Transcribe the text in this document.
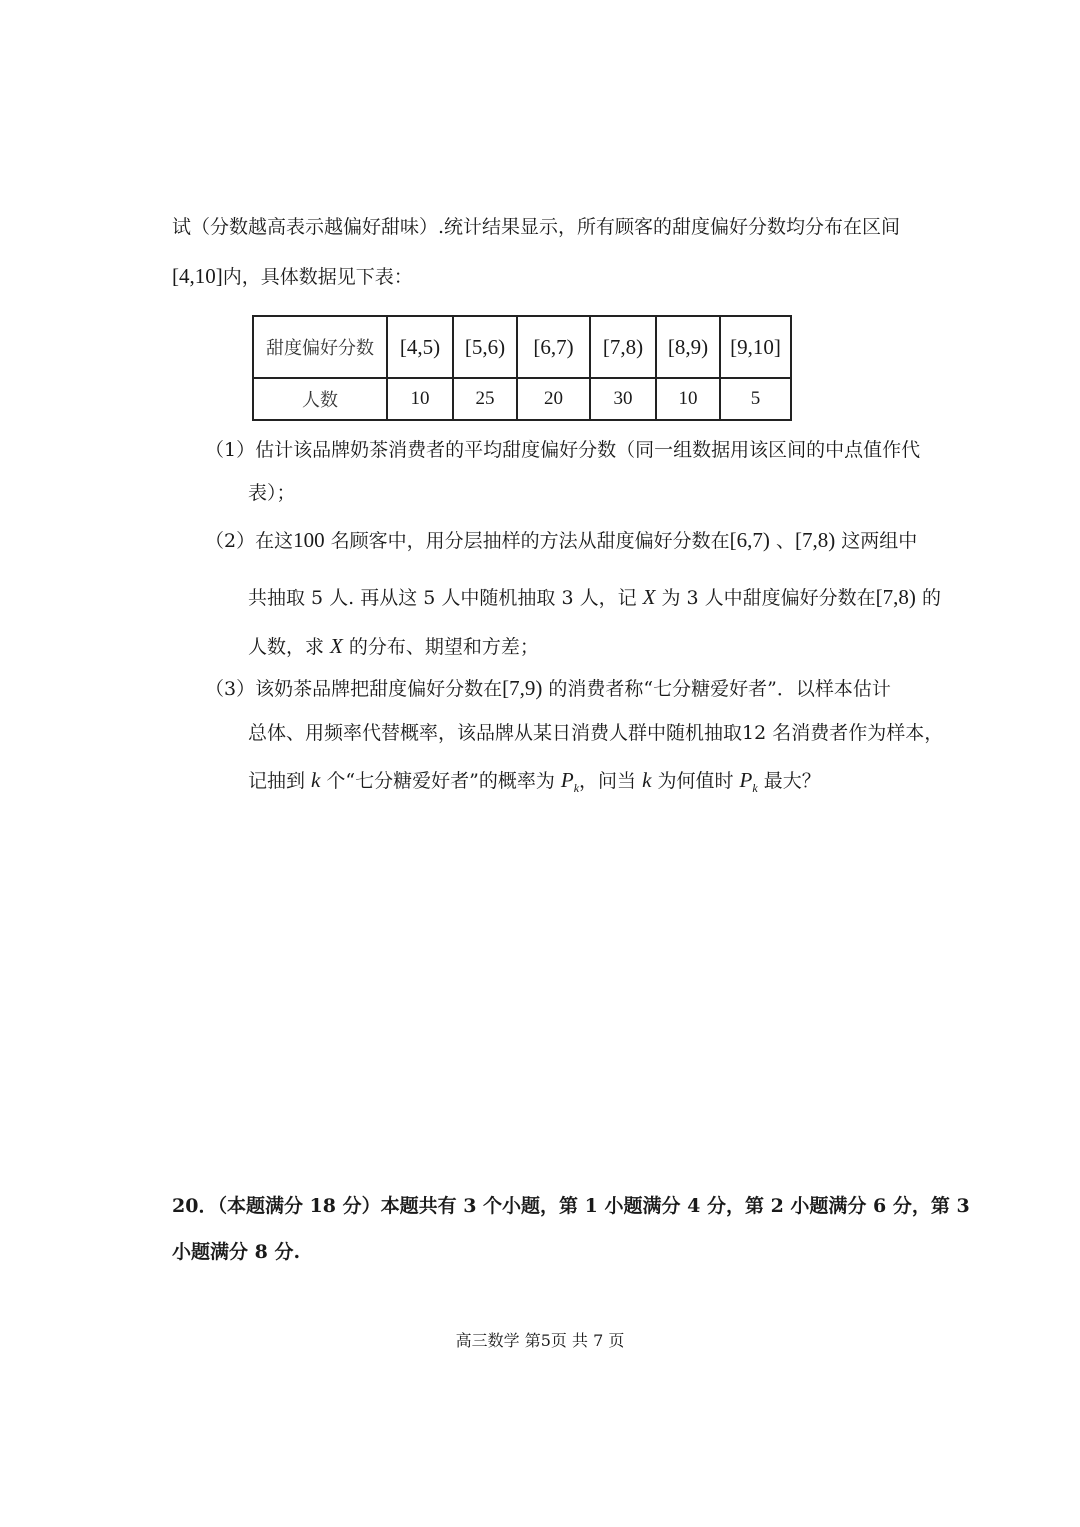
试（分数越高表示越偏好甜味）.统计结果显示，所有顾客的甜度偏好分数均分布在区间
[4,10]内，具体数据见下表：
甜度偏好分数	[4,5)	[5,6)	[6,7)	[7,8)	[8,9)	[9,10]
人数	10	25	20	30	10	5
（1）估计该品牌奶茶消费者的平均甜度偏好分数（同一组数据用该区间的中点值作代
表）；
（2）在这100 名顾客中，用分层抽样的方法从甜度偏好分数在[6,7) 、[7,8) 这两组中
共抽取 5 人. 再从这 5 人中随机抽取 3 人，记 X 为 3 人中甜度偏好分数在[7,8) 的
人数，求 X 的分布、期望和方差；
（3）该奶茶品牌把甜度偏好分数在[7,9) 的消费者称“七分糖爱好者”．以样本估计
总体、用频率代替概率，该品牌从某日消费人群中随机抽取12 名消费者作为样本，
记抽到 k 个“七分糖爱好者”的概率为 $P_k$，问当 k 为何值时 $P_k$ 最大？
20．（本题满分 18 分）本题共有 3 个小题，第 1 小题满分 4 分，第 2 小题满分 6 分，第 3
小题满分 8 分.
高三数学 第5页 共 7 页
